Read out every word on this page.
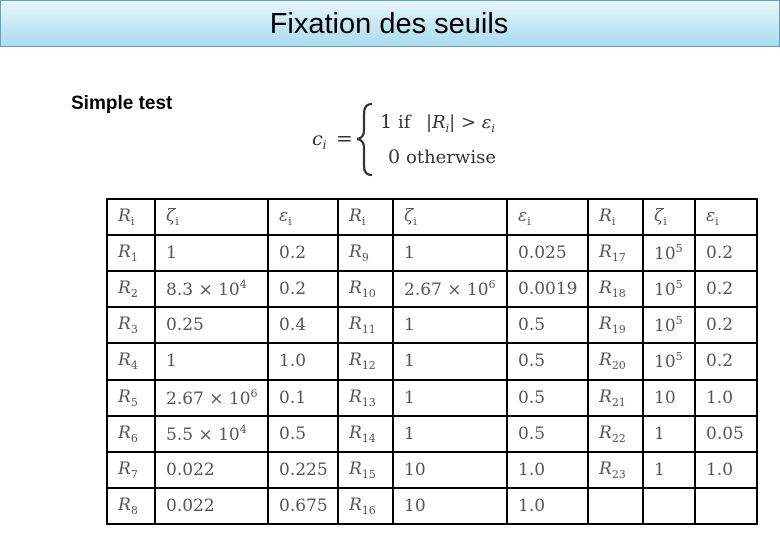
Fixation des seuils
Simple test
$c_i$ =
1 if $|R_i| > \varepsilon_i$
0 otherwise
$R_i$	$\zeta_i$	$\varepsilon_i$	$R_i$	$\zeta_i$	$\varepsilon_i$	$R_i$	$\zeta_i$	$\varepsilon_i$
$R_1$	1	0.2	$R_9$	1	0.025	$R_{17}$	$10^5$	0.2
$R_2$	$8.3 \times 10^4$	0.2	$R_{10}$	$2.67 \times 10^6$	0.0019	$R_{18}$	$10^5$	0.2
$R_3$	0.25	0.4	$R_{11}$	1	0.5	$R_{19}$	$10^5$	0.2
$R_4$	1	1.0	$R_{12}$	1	0.5	$R_{20}$	$10^5$	0.2
$R_5$	$2.67 \times 10^6$	0.1	$R_{13}$	1	0.5	$R_{21}$	10	1.0
$R_6$	$5.5 \times 10^4$	0.5	$R_{14}$	1	0.5	$R_{22}$	1	0.05
$R_7$	0.022	0.225	$R_{15}$	10	1.0	$R_{23}$	1	1.0
$R_8$	0.022	0.675	$R_{16}$	10	1.0			
